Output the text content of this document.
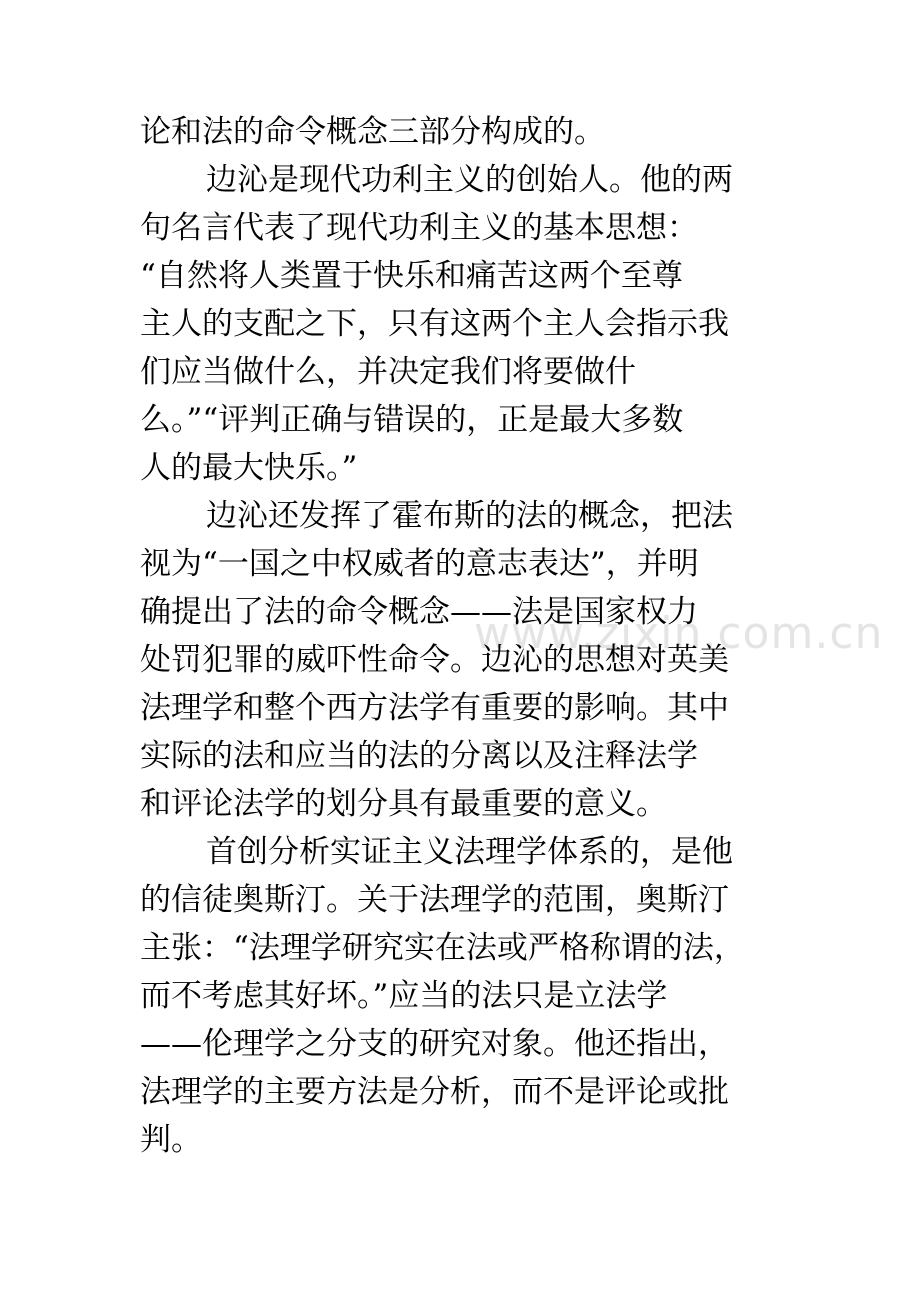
www.zixin.com.cn
论和法的命令概念三部分构成的。
边沁是现代功利主义的创始人。他的两
句名言代表了现代功利主义的基本思想：
“自然将人类置于快乐和痛苦这两个至尊
主人的支配之下，只有这两个主人会指示我
们应当做什么，并决定我们将要做什
么。”“评判正确与错误的，正是最大多数
人的最大快乐。”
边沁还发挥了霍布斯的法的概念，把法
视为“一国之中权威者的意志表达”，并明
确提出了法的命令概念——法是国家权力
处罚犯罪的威吓性命令。边沁的思想对英美
法理学和整个西方法学有重要的影响。其中
实际的法和应当的法的分离以及注释法学
和评论法学的划分具有最重要的意义。
首创分析实证主义法理学体系的，是他
的信徒奥斯汀。关于法理学的范围，奥斯汀
主张：“法理学研究实在法或严格称谓的法，
而不考虑其好坏。”应当的法只是立法学
——伦理学之分支的研究对象。他还指出，
法理学的主要方法是分析，而不是评论或批
判。
